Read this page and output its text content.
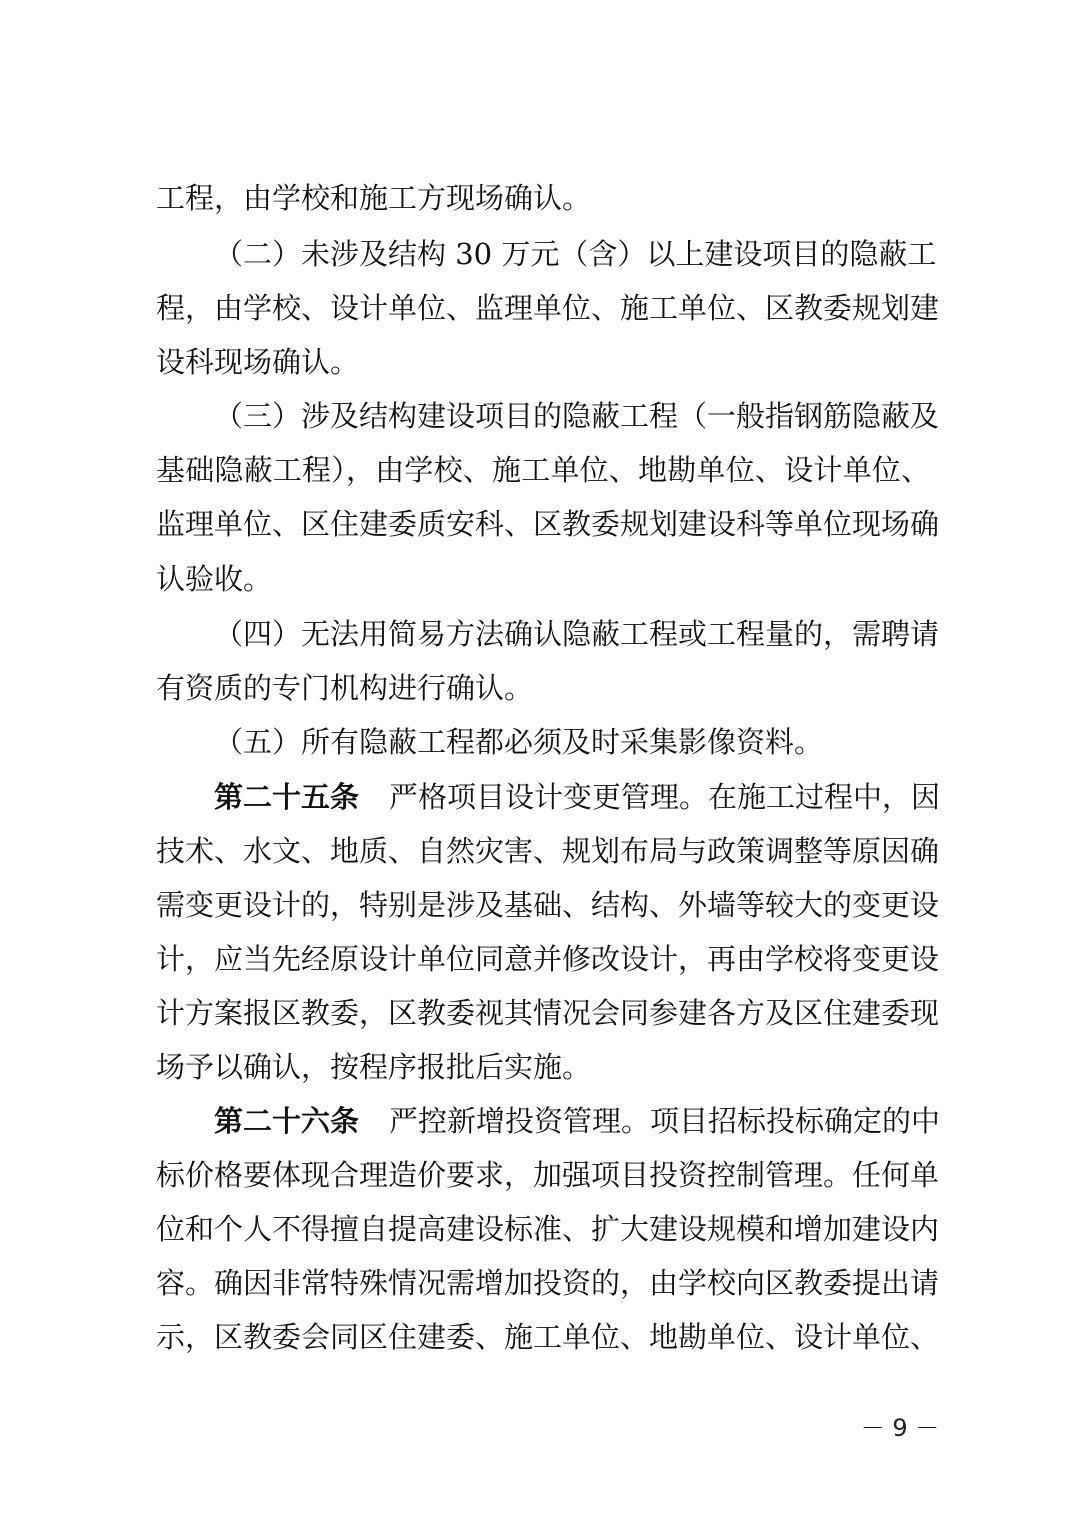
工程，由学校和施工方现场确认。
（二）未涉及结构 30 万元（含）以上建设项目的隐蔽工
程，由学校、设计单位、监理单位、施工单位、区教委规划建
设科现场确认。
（三）涉及结构建设项目的隐蔽工程（一般指钢筋隐蔽及
基础隐蔽工程），由学校、施工单位、地勘单位、设计单位、
监理单位、区住建委质安科、区教委规划建设科等单位现场确
认验收。
（四）无法用简易方法确认隐蔽工程或工程量的，需聘请
有资质的专门机构进行确认。
（五）所有隐蔽工程都必须及时采集影像资料。
第二十五条 严格项目设计变更管理。在施工过程中，因
技术、水文、地质、自然灾害、规划布局与政策调整等原因确
需变更设计的，特别是涉及基础、结构、外墙等较大的变更设
计，应当先经原设计单位同意并修改设计，再由学校将变更设
计方案报区教委，区教委视其情况会同参建各方及区住建委现
场予以确认，按程序报批后实施。
第二十六条 严控新增投资管理。项目招标投标确定的中
标价格要体现合理造价要求，加强项目投资控制管理。任何单
位和个人不得擅自提高建设标准、扩大建设规模和增加建设内
容。确因非常特殊情况需增加投资的，由学校向区教委提出请
示，区教委会同区住建委、施工单位、地勘单位、设计单位、
－ 9 －
